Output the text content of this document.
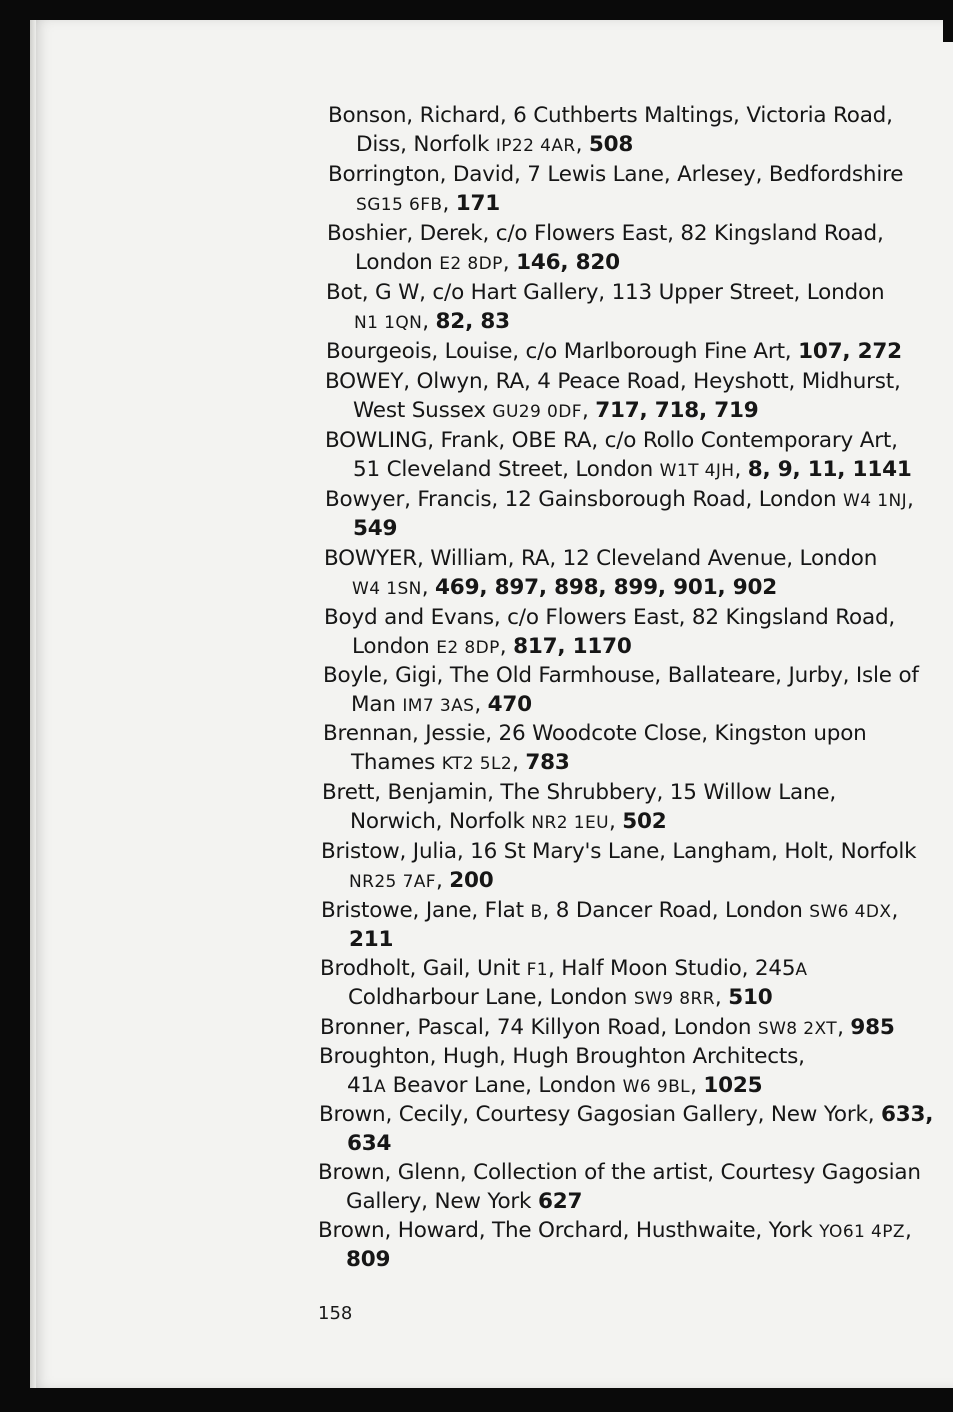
Bonson, Richard, 6 Cuthberts Maltings, Victoria Road,
Diss, Norfolk IP22 4AR, 508
Borrington, David, 7 Lewis Lane, Arlesey, Bedfordshire
SG15 6FB, 171
Boshier, Derek, c/o Flowers East, 82 Kingsland Road,
London E2 8DP, 146, 820
Bot, G W, c/o Hart Gallery, 113 Upper Street, London
N1 1QN, 82, 83
Bourgeois, Louise, c/o Marlborough Fine Art, 107, 272
BOWEY, Olwyn, RA, 4 Peace Road, Heyshott, Midhurst,
West Sussex GU29 0DF, 717, 718, 719
BOWLING, Frank, OBE RA, c/o Rollo Contemporary Art,
51 Cleveland Street, London W1T 4JH, 8, 9, 11, 1141
Bowyer, Francis, 12 Gainsborough Road, London W4 1NJ,
549
BOWYER, William, RA, 12 Cleveland Avenue, London
W4 1SN, 469, 897, 898, 899, 901, 902
Boyd and Evans, c/o Flowers East, 82 Kingsland Road,
London E2 8DP, 817, 1170
Boyle, Gigi, The Old Farmhouse, Ballateare, Jurby, Isle of
Man IM7 3AS, 470
Brennan, Jessie, 26 Woodcote Close, Kingston upon
Thames KT2 5L2, 783
Brett, Benjamin, The Shrubbery, 15 Willow Lane,
Norwich, Norfolk NR2 1EU, 502
Bristow, Julia, 16 St Mary's Lane, Langham, Holt, Norfolk
NR25 7AF, 200
Bristowe, Jane, Flat B, 8 Dancer Road, London SW6 4DX,
211
Brodholt, Gail, Unit F1, Half Moon Studio, 245A
Coldharbour Lane, London SW9 8RR, 510
Bronner, Pascal, 74 Killyon Road, London SW8 2XT, 985
Broughton, Hugh, Hugh Broughton Architects,
41A Beavor Lane, London W6 9BL, 1025
Brown, Cecily, Courtesy Gagosian Gallery, New York, 633,
634
Brown, Glenn, Collection of the artist, Courtesy Gagosian
Gallery, New York 627
Brown, Howard, The Orchard, Husthwaite, York YO61 4PZ,
809
158
